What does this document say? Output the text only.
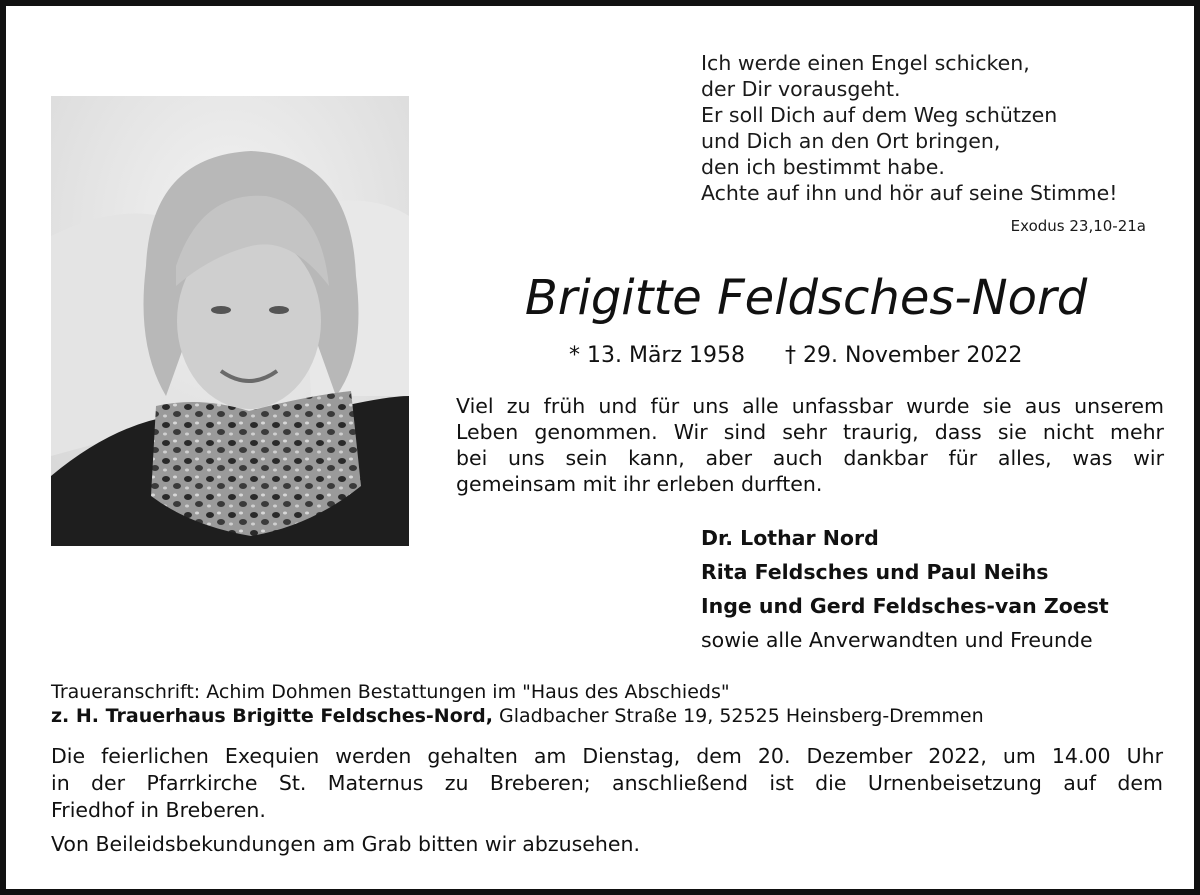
Ich werde einen Engel schicken,
der Dir vorausgeht.
Er soll Dich auf dem Weg schützen
und Dich an den Ort bringen,
den ich bestimmt habe.
Achte auf ihn und hör auf seine Stimme!
Exodus 23,10-21a
Brigitte Feldsches-Nord
* 13. März 1958 † 29. November 2022
Viel zu früh und für uns alle unfassbar wurde sie aus unserem
Leben genommen. Wir sind sehr traurig, dass sie nicht mehr
bei uns sein kann, aber auch dankbar für alles, was wir
gemeinsam mit ihr erleben durften.
Dr. Lothar Nord
Rita Feldsches und Paul Neihs
Inge und Gerd Feldsches-van Zoest
sowie alle Anverwandten und Freunde
Traueranschrift: Achim Dohmen Bestattungen im "Haus des Abschieds"
z. H. Trauerhaus Brigitte Feldsches-Nord, Gladbacher Straße 19, 52525 Heinsberg-Dremmen
Die feierlichen Exequien werden gehalten am Dienstag, dem 20. Dezember 2022, um 14.00 Uhr
in der Pfarrkirche St. Maternus zu Breberen; anschließend ist die Urnenbeisetzung auf dem
Friedhof in Breberen.
Von Beileidsbekundungen am Grab bitten wir abzusehen.
